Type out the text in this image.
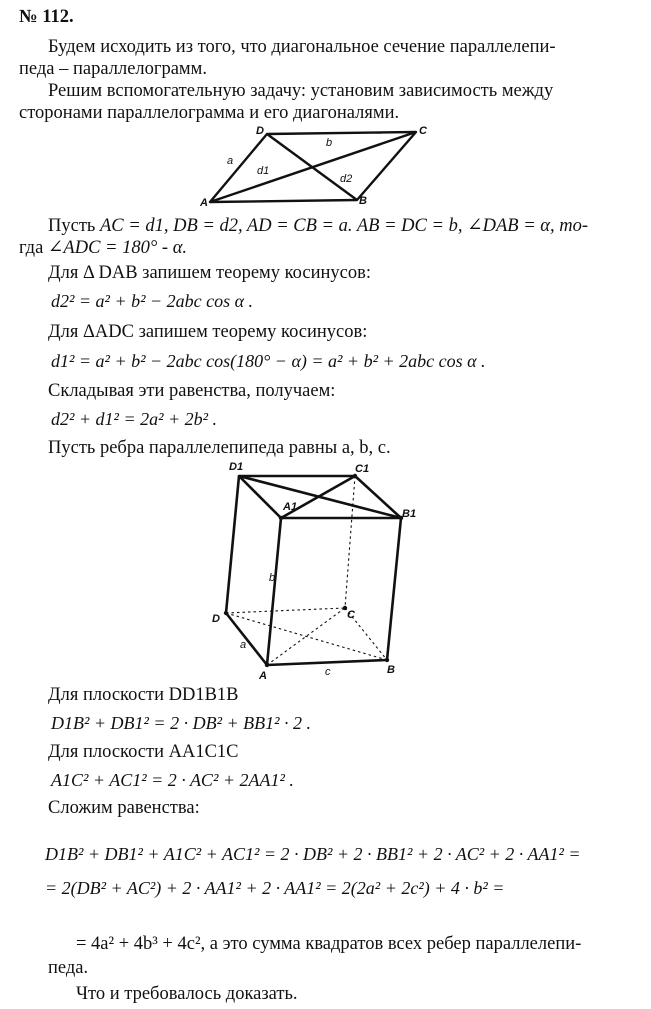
№ 112.
Будем исходить из того, что диагональное сечение параллелепи-
педа – параллелограмм.
Решим вспомогательную задачу: установим зависимость между
сторонами параллелограмма и его диагоналями.
A	B
C
D
a
b
d1
d2
Пусть AC = d1, DB = d2, AD = CB = a. AB = DC = b, ∠DAB = α, то-
гда ∠ADC = 180° - α.
Для Δ DAB запишем теорему косинусов:
d2² = a² + b² − 2abc cos α .
Для ΔADC запишем теорему косинусов:
d1² = a² + b² − 2abc cos(180° − α) = a² + b² + 2abc cos α .
Складывая эти равенства, получаем:
d2² + d1² = 2a² + 2b² .
Пусть ребра параллелепипеда равны a, b, c.
A	B
C
D
A1
B1
C1
D1
a
b
c
Для плоскости DD1B1B
D1B² + DB1² = 2 · DB² + BB1² · 2 .
Для плоскости AA1C1C
A1C² + AC1² = 2 · AC² + 2AA1² .
Сложим равенства:
D1B² + DB1² + A1C² + AC1² = 2 · DB² + 2 · BB1² + 2 · AC² + 2 · AA1² =
= 2(DB² + AC²) + 2 · AA1² + 2 · AA1² = 2(2a² + 2c²) + 4 · b² =
= 4a² + 4b³ + 4c², а это сумма квадратов всех ребер параллелепи-
педа.
Что и требовалось доказать.
